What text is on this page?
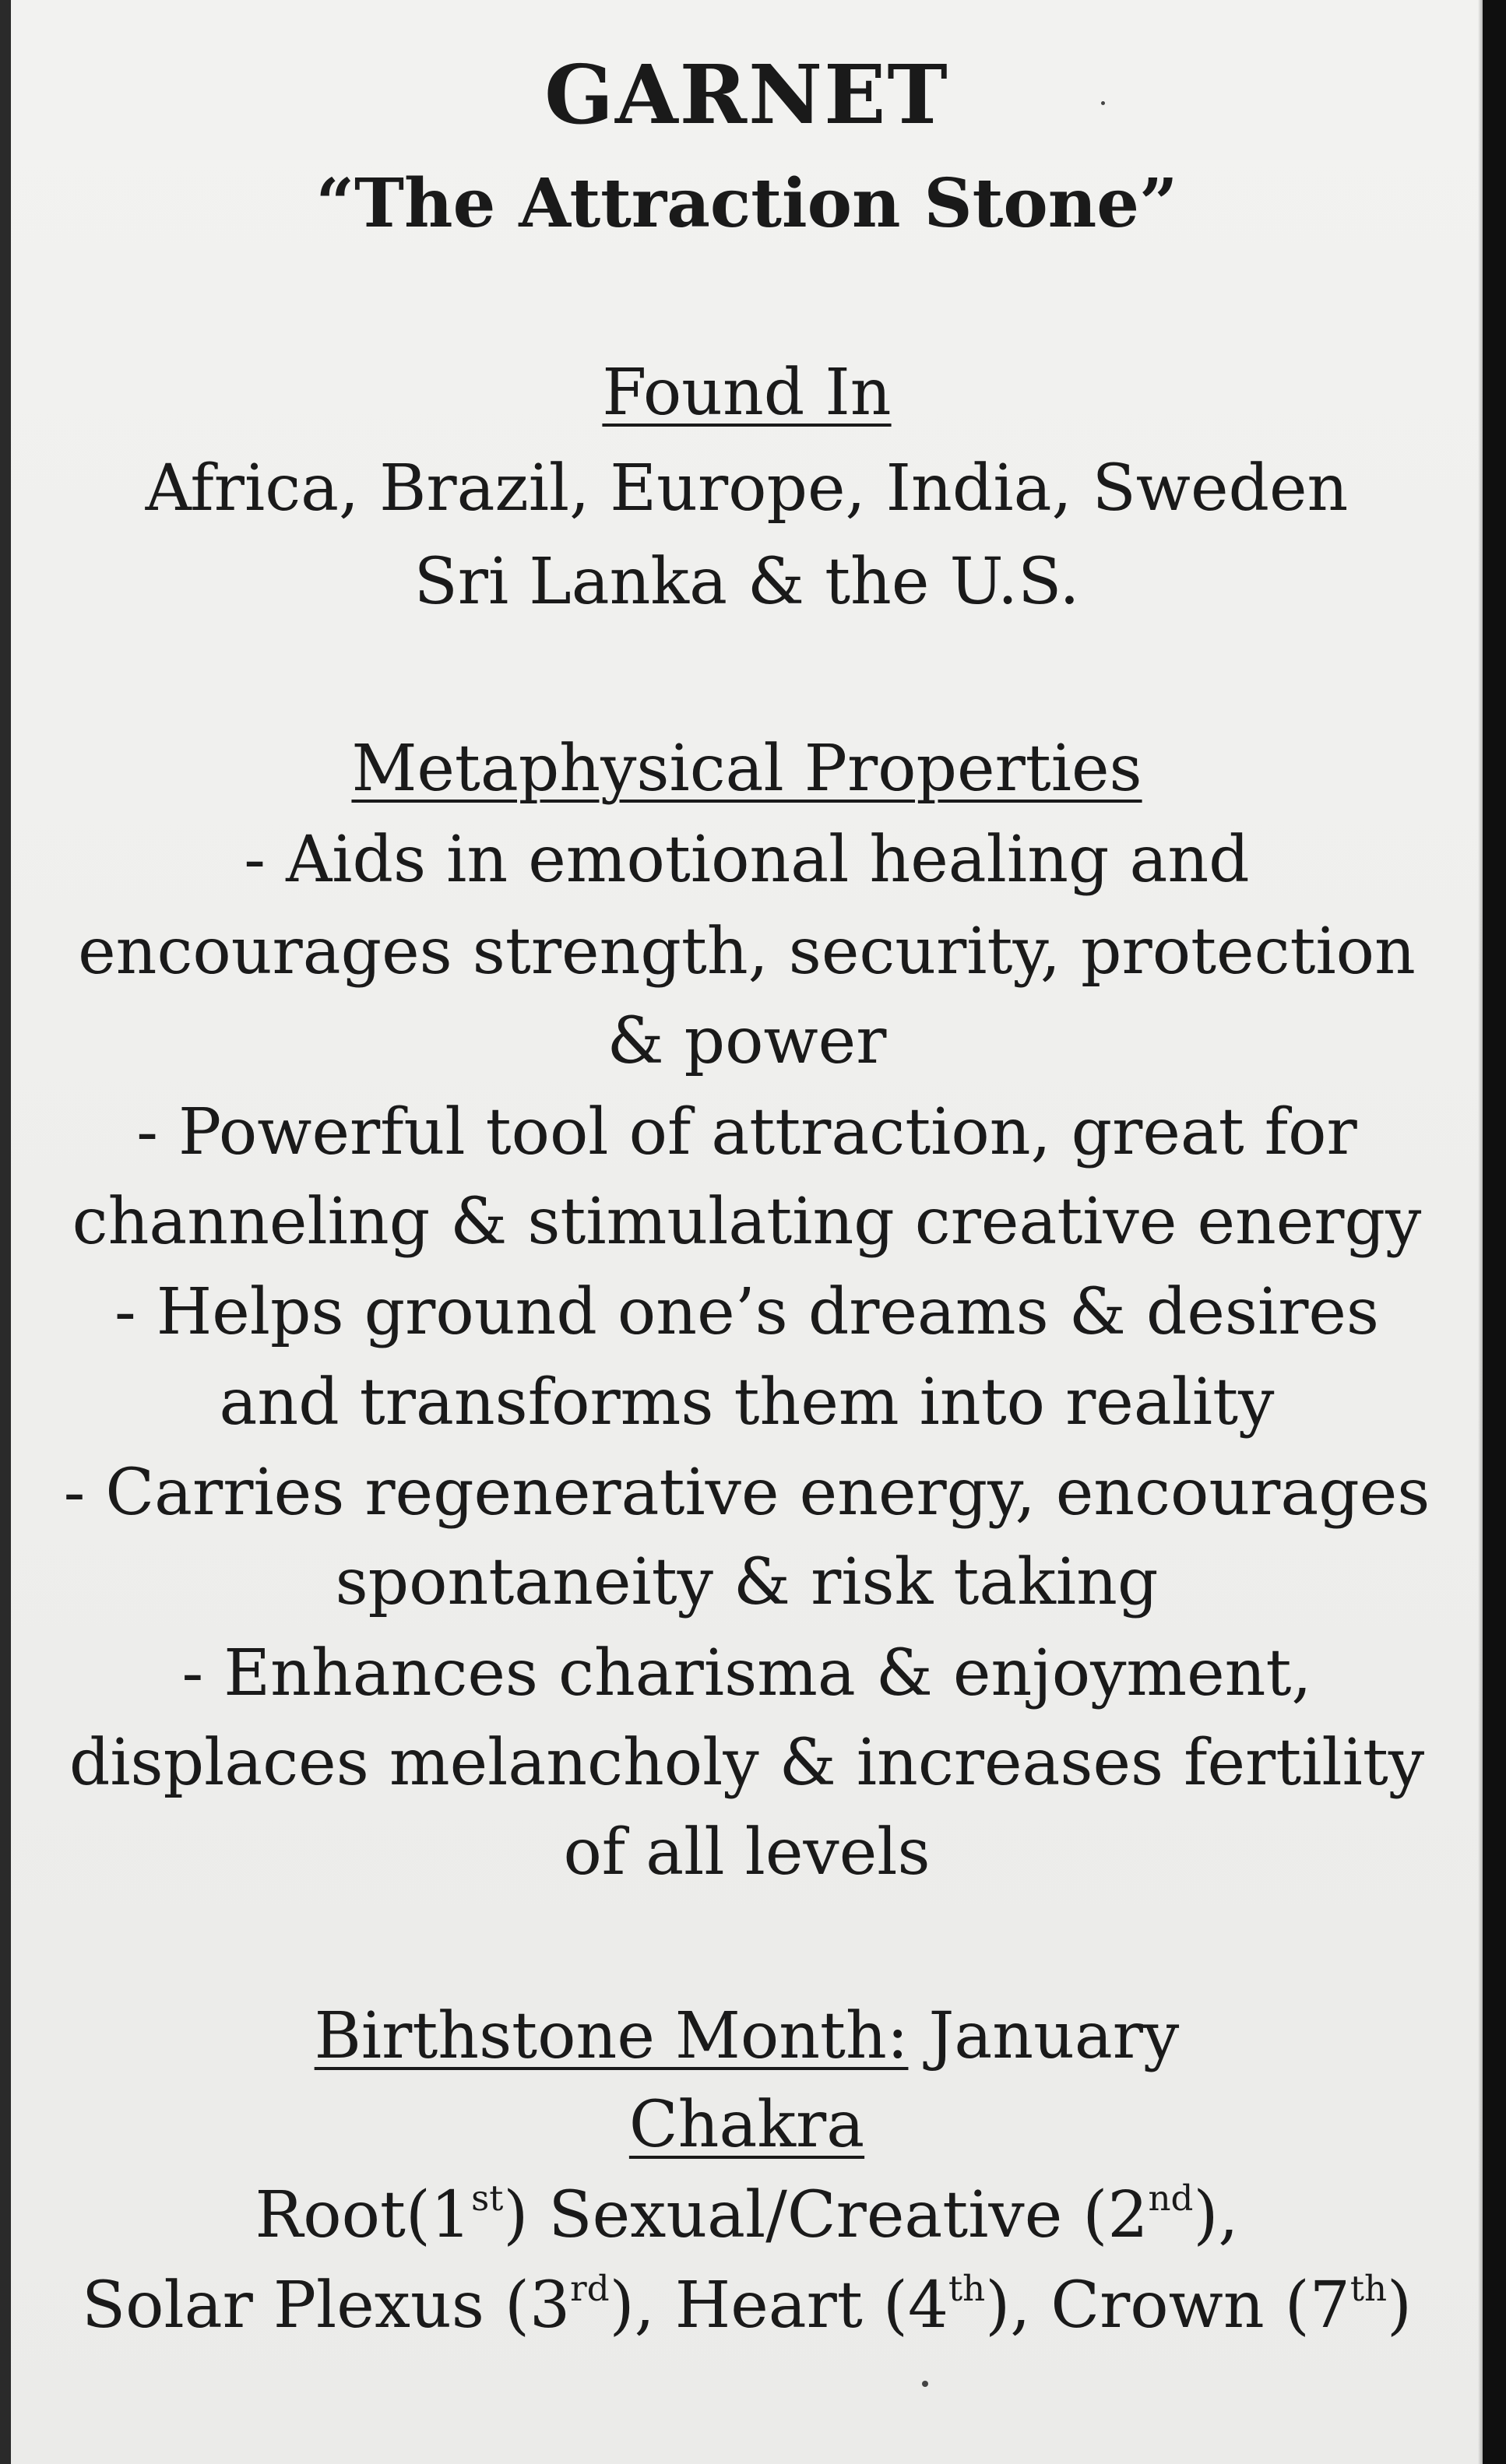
GARNET
“The Attraction Stone”
Found In
Africa, Brazil, Europe, India, Sweden
Sri Lanka & the U.S.
Metaphysical Properties
- Aids in emotional healing and
encourages strength, security, protection
& power
- Powerful tool of attraction, great for
channeling & stimulating creative energy
- Helps ground one’s dreams & desires
and transforms them into reality
- Carries regenerative energy, encourages
spontaneity & risk taking
- Enhances charisma & enjoyment,
displaces melancholy & increases fertility
of all levels
Birthstone Month: January
Chakra
Root(1st) Sexual/Creative (2nd),
Solar Plexus (3rd), Heart (4th), Crown (7th)
